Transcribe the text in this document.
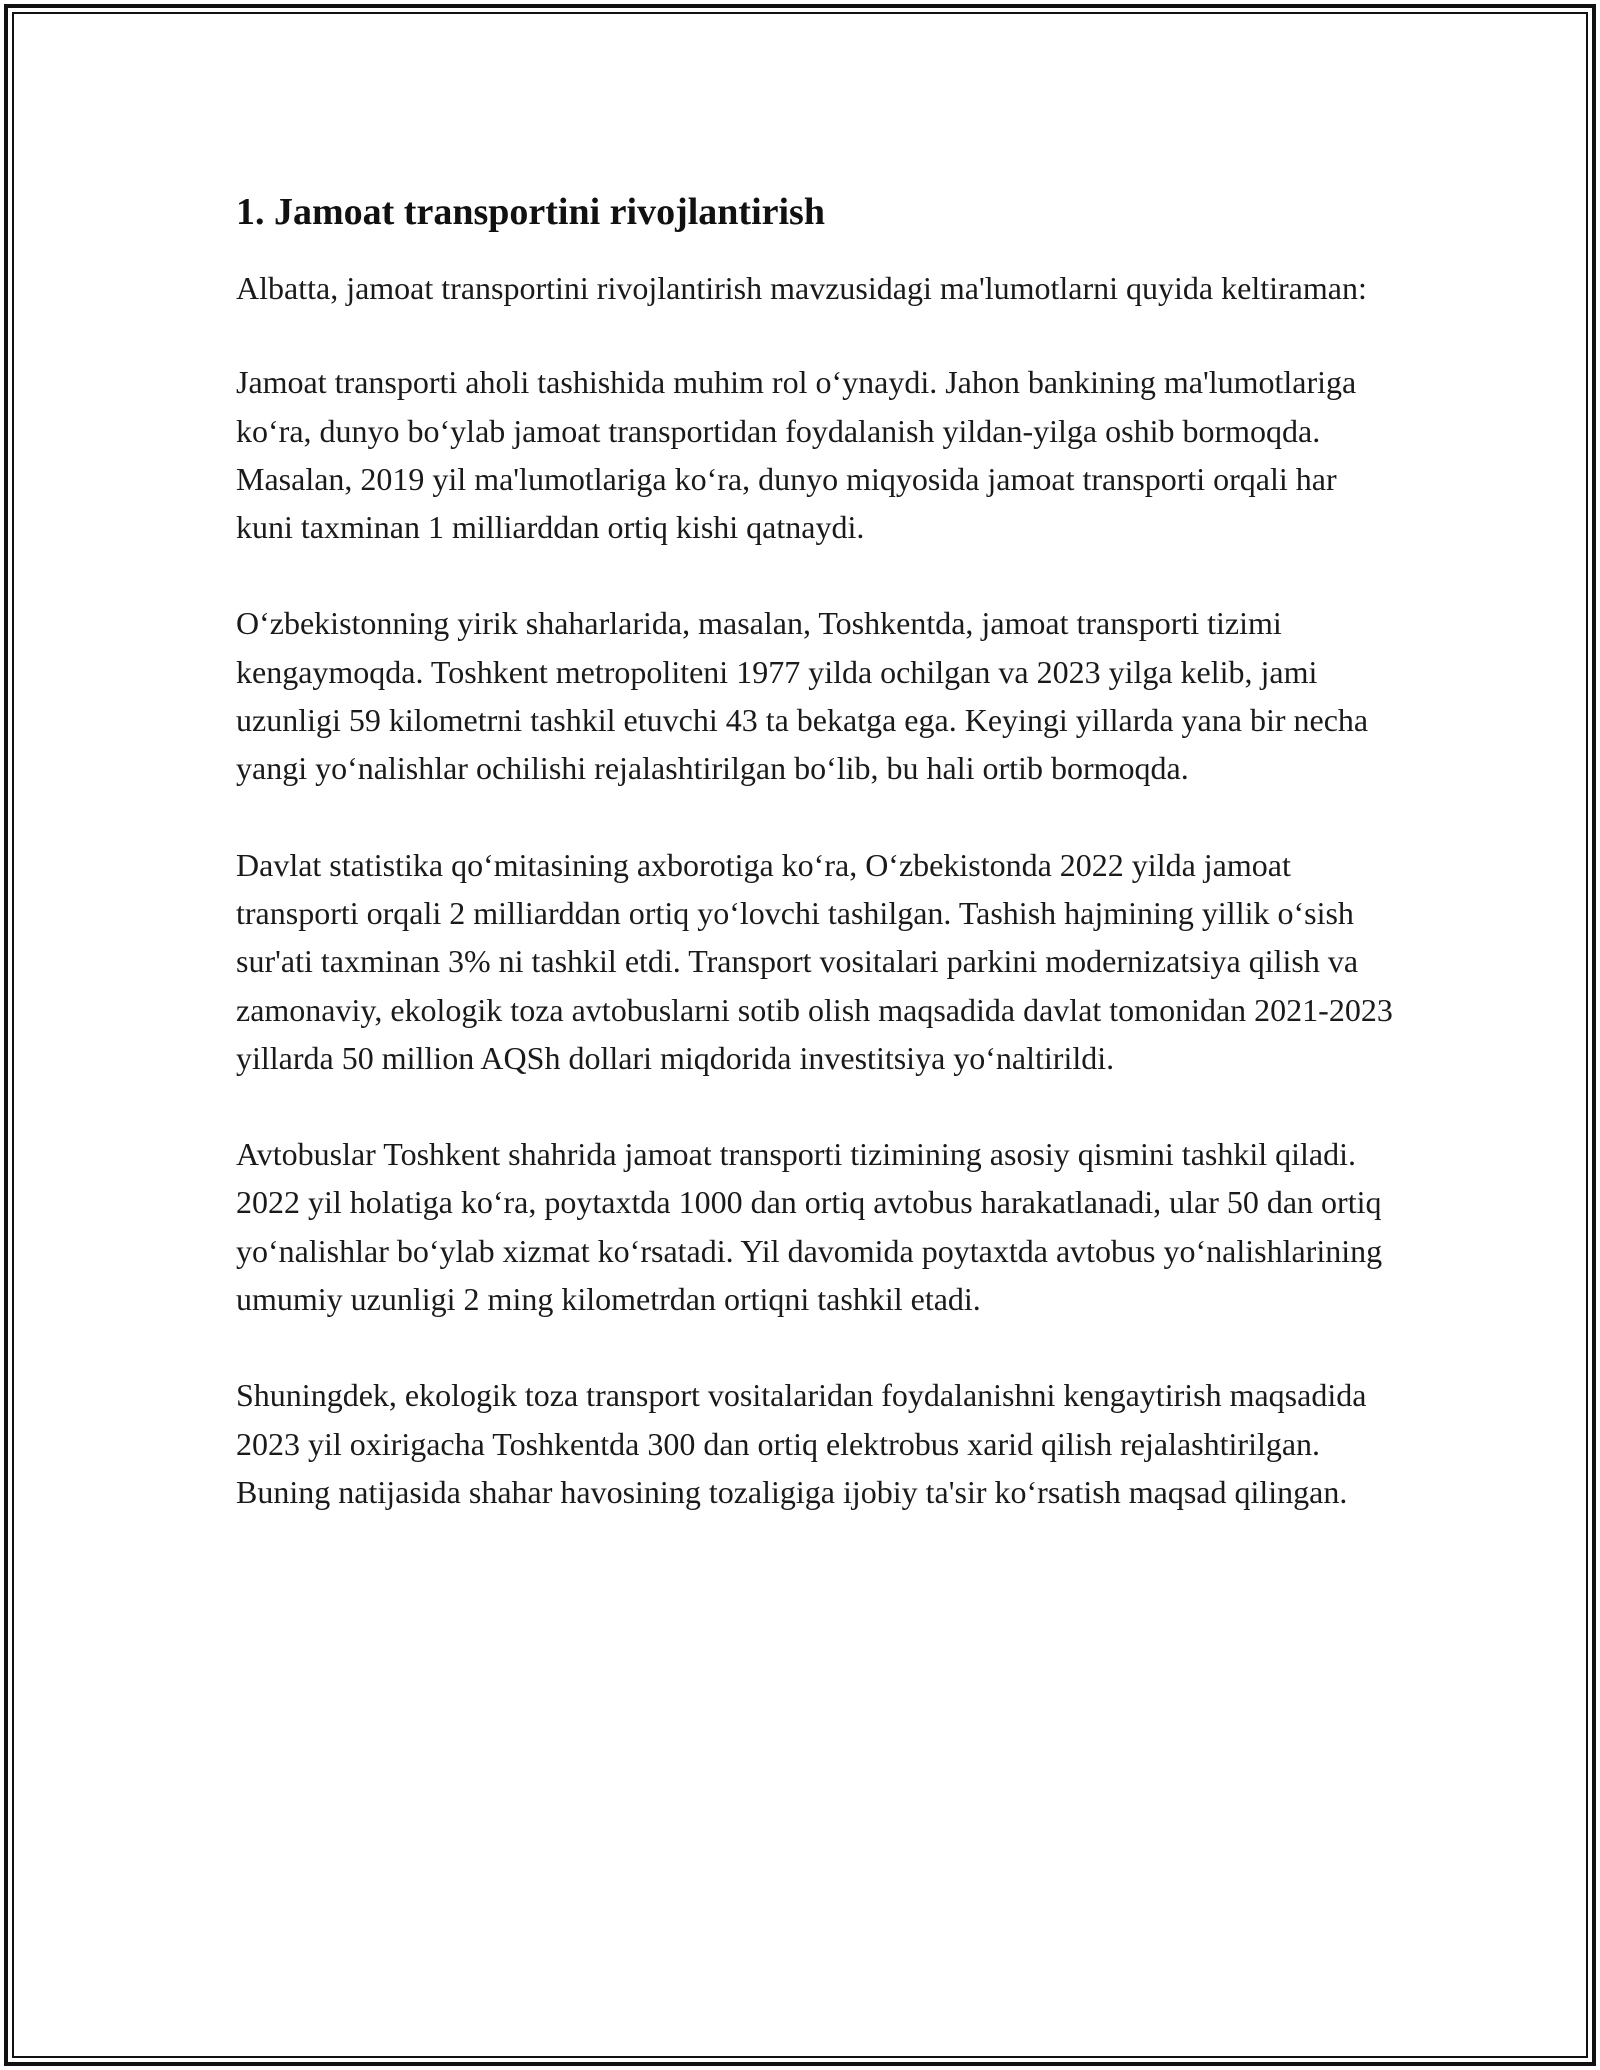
1. Jamoat transportini rivojlantirish

Albatta, jamoat transportini rivojlantirish mavzusidagi ma'lumotlarni quyida keltiraman:

Jamoat transporti aholi tashishida muhim rol oʻynaydi. Jahon bankining ma'lumotlariga koʻra, dunyo boʻylab jamoat transportidan foydalanish yildan-yilga oshib bormoqda. Masalan, 2019 yil ma'lumotlariga koʻra, dunyo miqyosida jamoat transporti orqali har kuni taxminan 1 milliarddan ortiq kishi qatnaydi.

Oʻzbekistonning yirik shaharlarida, masalan, Toshkentda, jamoat transporti tizimi kengaymoqda. Toshkent metropoliteni 1977 yilda ochilgan va 2023 yilga kelib, jami uzunligi 59 kilometrni tashkil etuvchi 43 ta bekatga ega. Keyingi yillarda yana bir necha yangi yoʻnalishlar ochilishi rejalashtirilgan boʻlib, bu hali ortib bormoqda.

Davlat statistika qoʻmitasining axborotiga koʻra, Oʻzbekistonda 2022 yilda jamoat transporti orqali 2 milliarddan ortiq yoʻlovchi tashilgan. Tashish hajmining yillik oʻsish sur'ati taxminan 3% ni tashkil etdi. Transport vositalari parkini modernizatsiya qilish va zamonaviy, ekologik toza avtobuslarni sotib olish maqsadida davlat tomonidan 2021-2023 yillarda 50 million AQSh dollari miqdorida investitsiya yoʻnaltirildi.

Avtobuslar Toshkent shahrida jamoat transporti tizimining asosiy qismini tashkil qiladi. 2022 yil holatiga koʻra, poytaxtda 1000 dan ortiq avtobus harakatlanadi, ular 50 dan ortiq yoʻnalishlar boʻylab xizmat koʻrsatadi. Yil davomida poytaxtda avtobus yoʻnalishlarining umumiy uzunligi 2 ming kilometrdan ortiqni tashkil etadi.

Shuningdek, ekologik toza transport vositalaridan foydalanishni kengaytirish maqsadida 2023 yil oxirigacha Toshkentda 300 dan ortiq elektrobus xarid qilish rejalashtirilgan. Buning natijasida shahar havosining tozaligiga ijobiy ta'sir koʻrsatish maqsad qilingan.
